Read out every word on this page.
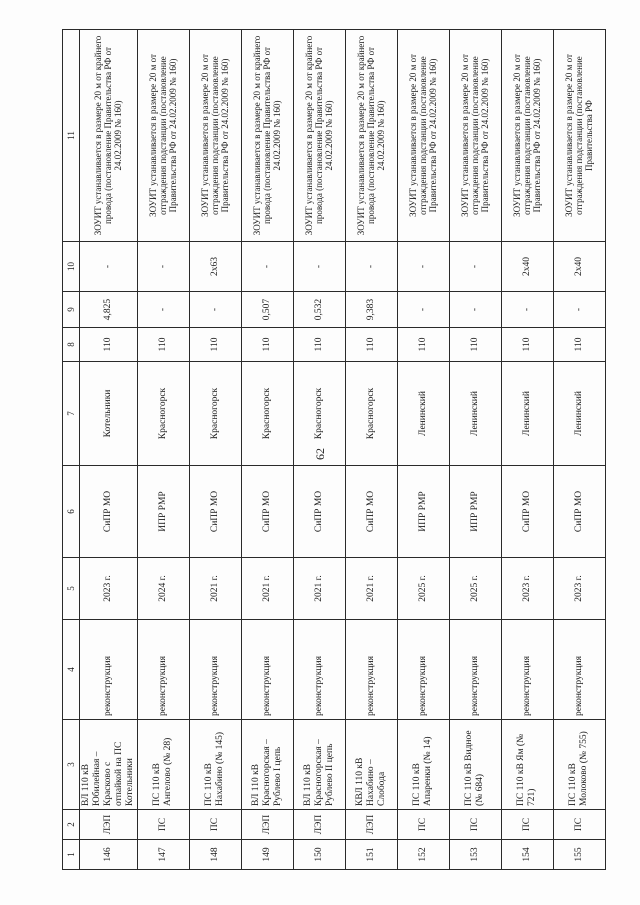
62
1	2	3	4	5	6	7	8	9	10	11
146	ЛЭП	ВЛ 110 кВ Юбилейная – Красково с отпайкой на ПС Котельники	реконструкция	2023 г.	СиПР МО	Котельники	110	4,825	-	ЗОУИТ устанавливается в размере 20 м от крайнего провода (постановление Правительства РФ от 24.02.2009 № 160)
147	ПС	ПС 110 кВ Ангелово (№ 28)	реконструкция	2024 г.	ИПР РМР	Красногорск	110	-	-	ЗОУИТ устанавливается в размере 20 м от отграждения подстанции (постановление Правительства РФ от 24.02.2009 № 160)
148	ПС	ПС 110 кВ Нахабино (№ 145)	реконструкция	2021 г.	СиПР МО	Красногорск	110	-	2х63	ЗОУИТ устанавливается в размере 20 м от отграждения подстанции (постановление Правительства РФ от 24.02.2009 № 160)
149	ЛЭП	ВЛ 110 кВ Красногорская – Рублево I цепь	реконструкция	2021 г.	СиПР МО	Красногорск	110	0,507	-	ЗОУИТ устанавливается в размере 20 м от крайнего провода (постановление Правительства РФ от 24.02.2009 № 160)
150	ЛЭП	ВЛ 110 кВ Красногорская – Рублево II цепь	реконструкция	2021 г.	СиПР МО	Красногорск	110	0,532	-	ЗОУИТ устанавливается в размере 20 м от крайнего провода (постановление Правительства РФ от 24.02.2009 № 160)
151	ЛЭП	КВЛ 110 кВ Нахабино – Слобода	реконструкция	2021 г.	СиПР МО	Красногорск	110	9,383	-	ЗОУИТ устанавливается в размере 20 м от крайнего провода (постановление Правительства РФ от 24.02.2009 № 160)
152	ПС	ПС 110 кВ Апаренки (№ 14)	реконструкция	2025 г.	ИПР РМР	Ленинский	110	-	-	ЗОУИТ устанавливается в размере 20 м от отграждения подстанции (постановление Правительства РФ от 24.02.2009 № 160)
153	ПС	ПС 110 кВ Видное (№ 684)	реконструкция	2025 г.	ИПР РМР	Ленинский	110	-	-	ЗОУИТ устанавливается в размере 20 м от отграждения подстанции (постановление Правительства РФ от 24.02.2009 № 160)
154	ПС	ПС 110 кВ Ям (№ 721)	реконструкция	2023 г.	СиПР МО	Ленинский	110	-	2х40	ЗОУИТ устанавливается в размере 20 м от отграждения подстанции (постановление Правительства РФ от 24.02.2009 № 160)
155	ПС	ПС 110 кВ Молоково (№ 755)	реконструкция	2023 г.	СиПР МО	Ленинский	110	-	2х40	ЗОУИТ устанавливается в размере 20 м от отграждения подстанции (постановление Правительства РФ
